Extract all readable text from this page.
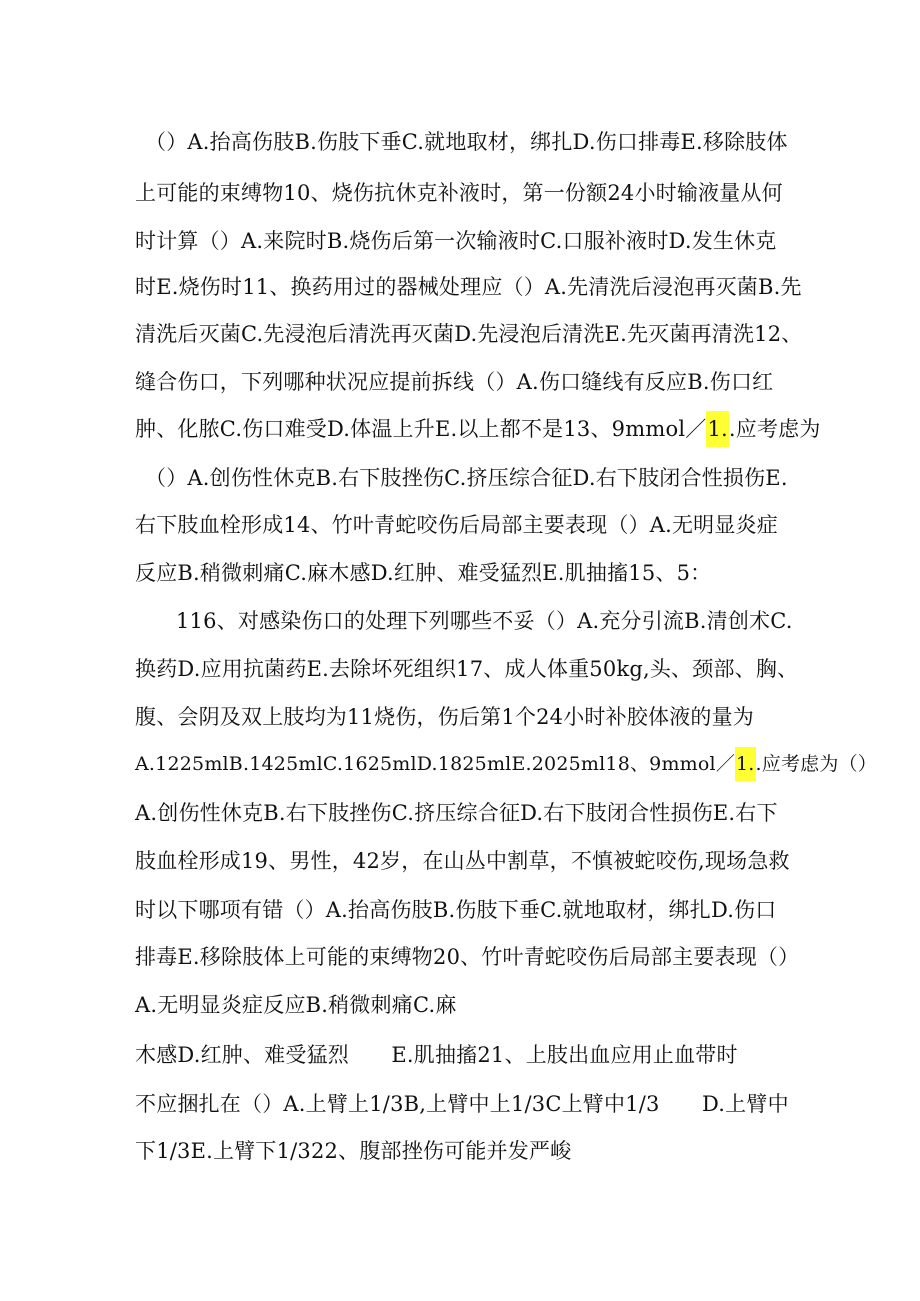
（）A.抬高伤肢B.伤肢下垂C.就地取材，绑扎D.伤口排毒E.移除肢体
上可能的束缚物10、烧伤抗休克补液时，第一份额24小时输液量从何
时计算（）A.来院时B.烧伤后第一次输液时C.口服补液时D.发生休克
时E.烧伤时11、换药用过的器械处理应（）A.先清洗后浸泡再灭菌B.先
清洗后灭菌C.先浸泡后清洗再灭菌D.先浸泡后清洗E.先灭菌再清洗12、
缝合伤口，下列哪种状况应提前拆线（）A.伤口缝线有反应B.伤口红
肿、化脓C.伤口难受D.体温上升E.以上都不是13、9mmol／1..应考虑为
（）A.创伤性休克B.右下肢挫伤C.挤压综合征D.右下肢闭合性损伤E.
右下肢血栓形成14、竹叶青蛇咬伤后局部主要表现（）A.无明显炎症
反应B.稍微刺痛C.麻木感D.红肿、难受猛烈E.肌抽搐15、5：
116、对感染伤口的处理下列哪些不妥（）A.充分引流B.清创术C.
换药D.应用抗菌药E.去除坏死组织17、成人体重50kg,头、颈部、胸、
腹、会阴及双上肢均为11烧伤，伤后第1个24小时补胶体液的量为
A.1225mlB.1425mlC.1625mlD.1825mlE.2025ml18、9mmol／1..应考虑为（）
A.创伤性休克B.右下肢挫伤C.挤压综合征D.右下肢闭合性损伤E.右下
肢血栓形成19、男性，42岁，在山丛中割草，不慎被蛇咬伤,现场急救
时以下哪项有错（）A.抬高伤肢B.伤肢下垂C.就地取材，绑扎D.伤口
排毒E.移除肢体上可能的束缚物20、竹叶青蛇咬伤后局部主要表现（）
A.无明显炎症反应B.稍微刺痛C.麻
木感D.红肿、难受猛烈　　E.肌抽搐21、上肢出血应用止血带时
不应捆扎在（）A.上臂上1/3B,上臂中上1/3C上臂中1/3　　D.上臂中
下1/3E.上臂下1/322、腹部挫伤可能并发严峻
